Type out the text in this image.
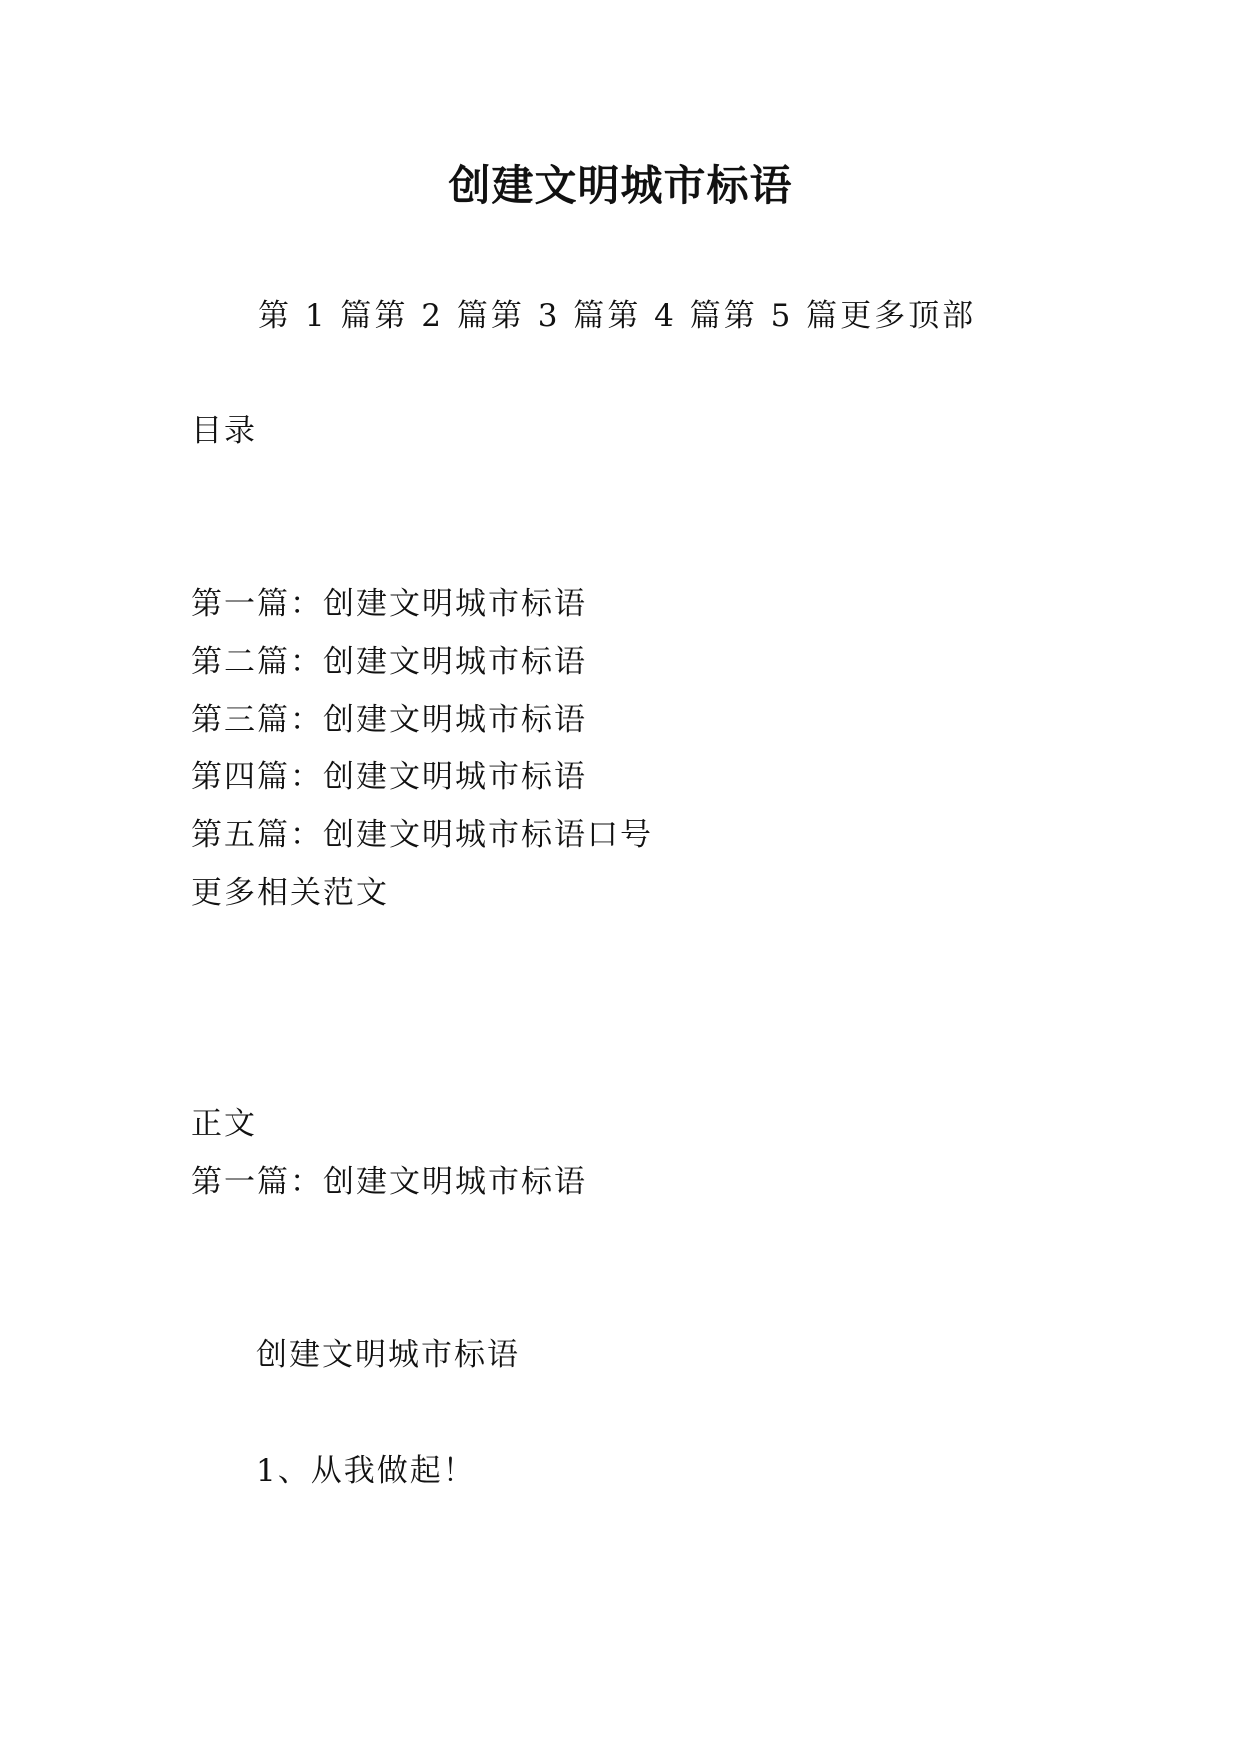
创建文明城市标语
第 1 篇第 2 篇第 3 篇第 4 篇第 5 篇更多顶部
目录
第一篇：创建文明城市标语
第二篇：创建文明城市标语
第三篇：创建文明城市标语
第四篇：创建文明城市标语
第五篇：创建文明城市标语口号
更多相关范文
正文
第一篇：创建文明城市标语
创建文明城市标语
1、从我做起！
